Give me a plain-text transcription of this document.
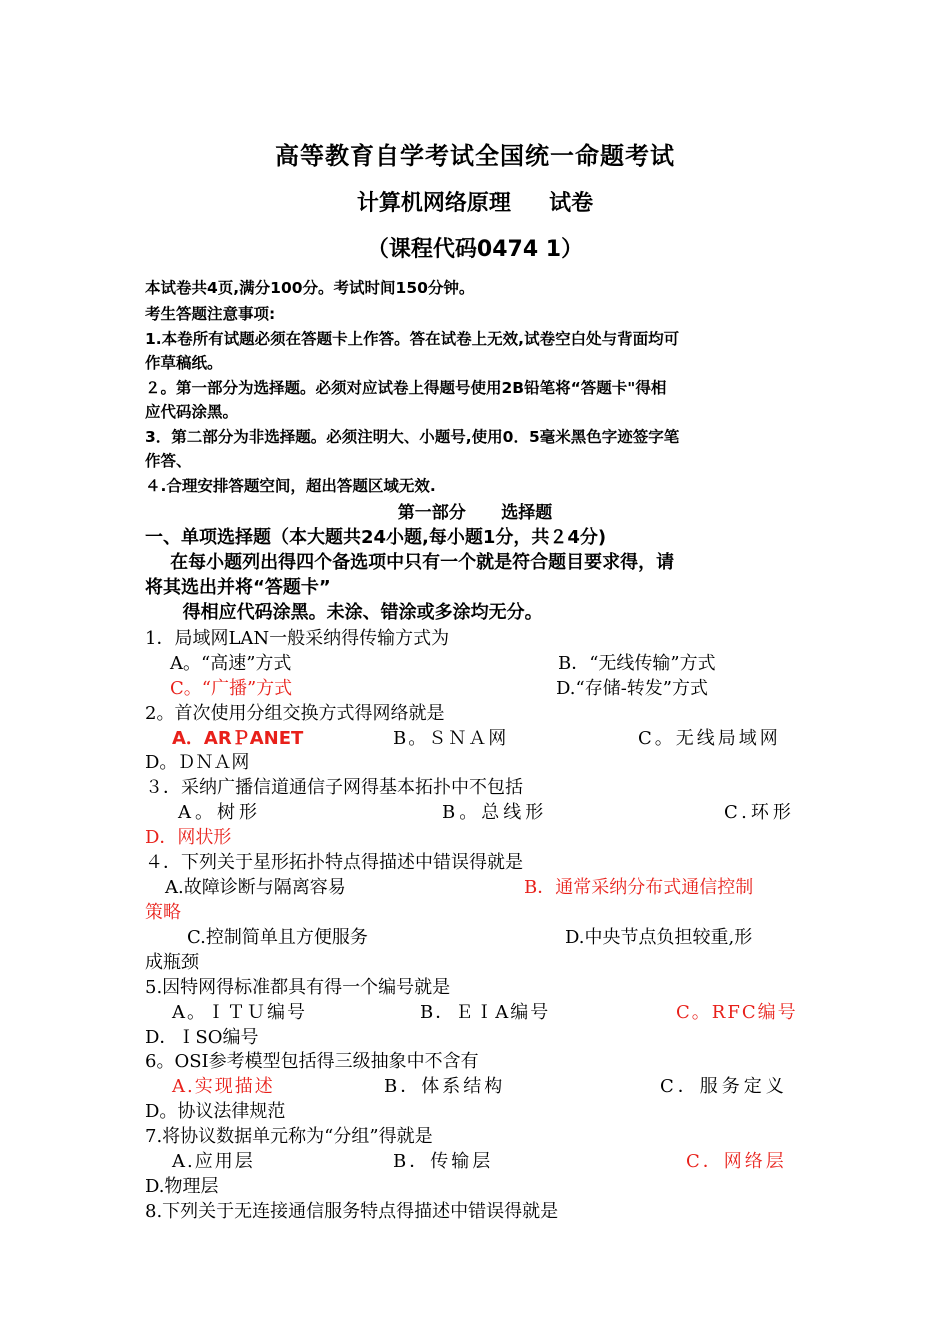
高等教育自学考试全国统一命题考试
计算机网络原理     试卷
（课程代码0474 1）
本试卷共4页,满分100分。考试时间150分钟。
考生答题注意事项:
1.本卷所有试题必须在答题卡上作答。答在试卷上无效,试卷空白处与背面均可
作草稿纸。
２。第一部分为选择题。必须对应试卷上得题号使用2B铅笔将“答题卡"得相
应代码涂黑。
3．第二部分为非选择题。必须注明大、小题号,使用0．5毫米黑色字迹签字笔
作答、
４.合理安排答题空间，超出答题区域无效.
第一部分      选择题
一、单项选择题（本大题共24小题,每小题1分，共２4分)
在每小题列出得四个备选项中只有一个就是符合题目要求得，请
将其选出并将“答题卡”
得相应代码涂黑。未涂、错涂或多涂均无分。
1．局域网LAN一般采纳得传输方式为
A。“高速”方式	B．“无线传输”方式
C。“广播”方式	D.“存储-转发”方式
2。首次使用分组交换方式得网络就是
A．ARＰANET	B。ＳＮＡ网	C。无线局域网
D。ＤＮＡ网
３．采纳广播信道通信子网得基本拓扑中不包括
A。树形	B。总线形	C.环形
D．网状形
４．下列关于星形拓扑特点得描述中错误得就是
A.故障诊断与隔离容易	B．通常采纳分布式通信控制
策略
C.控制简单且方便服务	D.中央节点负担较重,形
成瓶颈
5.因特网得标准都具有得一个编号就是
A。ＩＴＵ编号	B．ＥＩA编号	C。RFC编号
D．ＩSO编号
6。OSI参考模型包括得三级抽象中不含有
A.实现描述	B．体系结构	C．服务定义
D。协议法律规范
7.将协议数据单元称为“分组”得就是
A.应用层	B．传输层	C．网络层
D.物理层
8.下列关于无连接通信服务特点得描述中错误得就是
